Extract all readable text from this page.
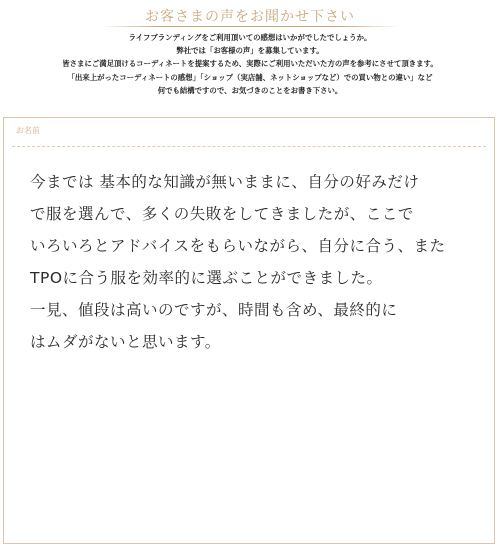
お客さまの声をお聞かせ下さい
ライフブランディングをご利用頂いての感想はいかがでしたでしょうか。
弊社では「お客様の声」を募集しています。
皆さまにご満足頂けるコーディネートを提案するため、実際にご利用いただいた方の声を参考にさせて頂きます。
「出来上がったコーディネートの感想」「ショップ（実店舗、ネットショップなど）での買い物との違い」など
何でも結構ですので、お気づきのことをお書き下さい。
お名前
今までは 基本的な知識が無いままに、自分の好みだけ
で服を選んで、多くの失敗をしてきましたが、ここで
いろいろとアドバイスをもらいながら、自分に合う、また
TPOに合う服を効率的に選ぶことができました。
一見、値段は高いのですが、時間も含め、最終的に
はムダがないと思います。
